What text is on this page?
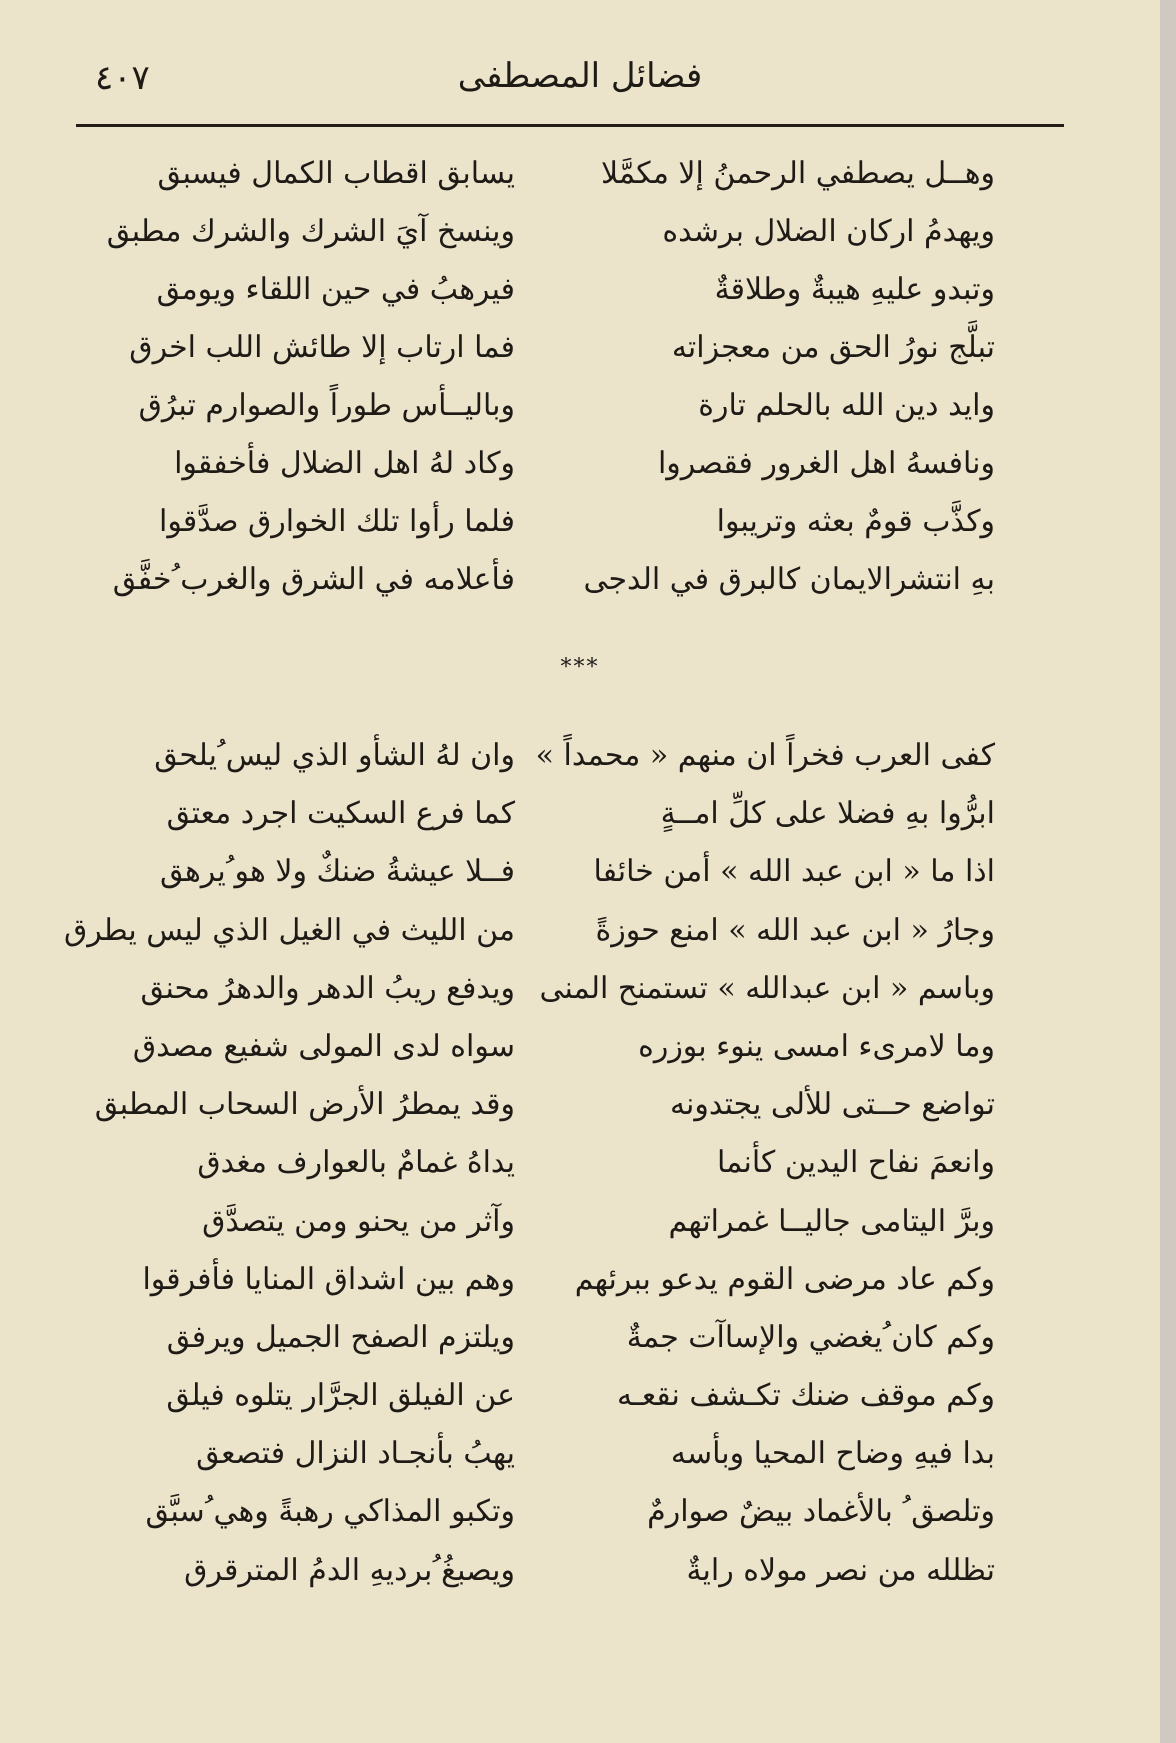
٤٠٧	فضائل المصطفى
وهــل يصطفي الرحمنُ إلا مكمَّلا
ويهدمُ اركان الضلال برشده
وتبدو عليهِ هيبةٌ وطلاقةٌ
تبلَّج نورُ الحق من معجزاته
وايد دين الله بالحلم تارة
ونافسهُ اهل الغرور فقصروا
وكذَّب قومٌ بعثه وتريبوا
بهِ انتشرالايمان كالبرق في الدجى
يسابق اقطاب الكمال فيسبق
وينسخ آيَ الشرك والشرك مطبق
فيرهبُ في حين اللقاء ويومق
فما ارتاب إلا طائش اللب اخرق
وباليــأس طوراً والصوارم تبرُق
وكاد لهُ اهل الضلال فأخفقوا
فلما رأوا تلك الخوارق صدَّقوا
فأعلامه في الشرق والغرب ُخفَّق
***
كفى العرب فخراً ان منهم « محمداً »
ابرُّوا بهِ فضلا على كلِّ امــةٍ
اذا ما « ابن عبد الله » أمن خائفا
وجارُ « ابن عبد الله » امنع حوزةً
وباسم « ابن عبدالله » تستمنح المنى
وما لامرىء امسى ينوء بوزره
تواضع حــتى للألى يجتدونه
وانعمَ نفاح اليدين كأنما
وبرَّ اليتامى جاليــا غمراتهم
وكم عاد مرضى القوم يدعو ببرئهم
وكم كان ُيغضي والإساآت جمةٌ
وكم موقف ضنك تكـشف نقعـه
بدا فيهِ وضاح المحيا وبأسه
وتلصق ُ بالأغماد بيضٌ صوارمٌ
تظلله من نصر مولاه رايةٌ
وان لهُ الشأو الذي ليس ُيلحق
كما فرع السكيت اجرد معتق
فــلا عيشةُ ضنكٌ ولا هو ُيرهق
من الليث في الغيل الذي ليس يطرق
ويدفع ريبُ الدهر والدهرُ محنق
سواه لدى المولى شفيع مصدق
وقد يمطرُ الأرض السحاب المطبق
يداهُ غمامٌ بالعوارف مغدق
وآثر من يحنو ومن يتصدَّق
وهم بين اشداق المنايا فأفرقوا
ويلتزم الصفح الجميل ويرفق
عن الفيلق الجرَّار يتلوه فيلق
يهبُ بأنجـاد النزال فتصعق
وتكبو المذاكي رهبةً وهي ُسبَّق
ويصبغُ ُبرديهِ الدمُ المترقرق
